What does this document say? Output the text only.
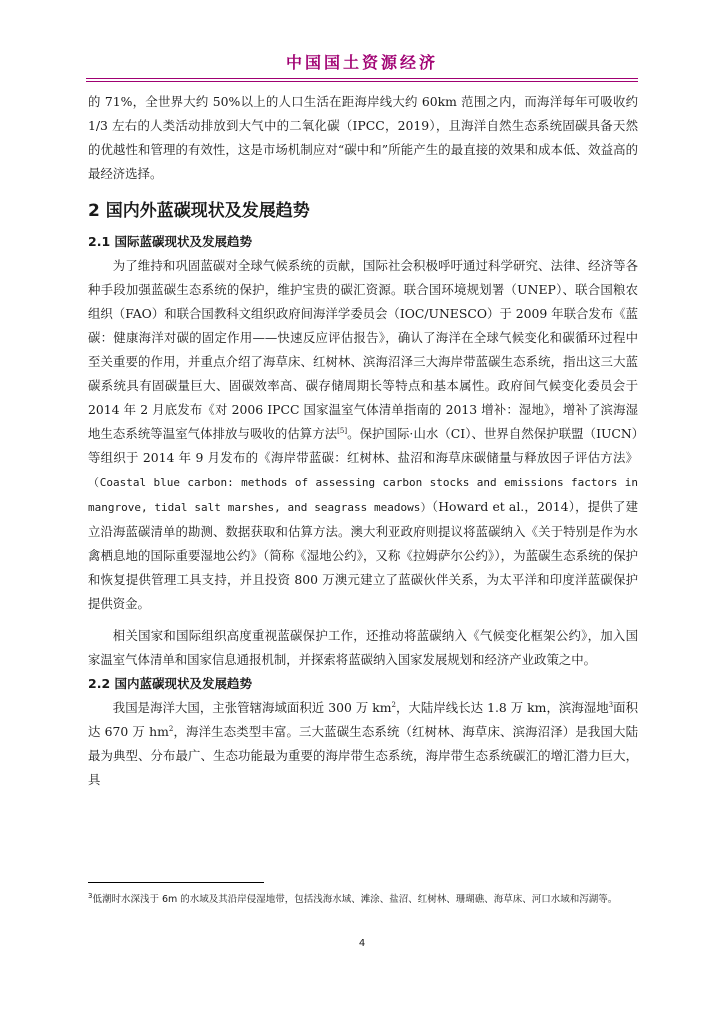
中国国土资源经济

的 71%，全世界大约 50%以上的人口生活在距海岸线大约 60km 范围之内，而海洋每年可吸收约 1/3 左右的人类活动排放到大气中的二氧化碳（IPCC，2019），且海洋自然生态系统固碳具备天然的优越性和管理的有效性，这是市场机制应对“碳中和”所能产生的最直接的效果和成本低、效益高的最经济选择。

2 国内外蓝碳现状及发展趋势
2.1 国际蓝碳现状及发展趋势

为了维持和巩固蓝碳对全球气候系统的贡献，国际社会积极呼吁通过科学研究、法律、经济等各种手段加强蓝碳生态系统的保护，维护宝贵的碳汇资源。联合国环境规划署（UNEP）、联合国粮农组织（FAO）和联合国教科文组织政府间海洋学委员会（IOC/UNESCO）于 2009 年联合发布《蓝碳：健康海洋对碳的固定作用——快速反应评估报告》，确认了海洋在全球气候变化和碳循环过程中至关重要的作用，并重点介绍了海草床、红树林、滨海沼泽三大海岸带蓝碳生态系统，指出这三大蓝碳系统具有固碳量巨大、固碳效率高、碳存储周期长等特点和基本属性。政府间气候变化委员会于 2014 年 2 月底发布《对 2006 IPCC 国家温室气体清单指南的 2013 增补：湿地》，增补了滨海湿地生态系统等温室气体排放与吸收的估算方法[5]。保护国际·山水（CI）、世界自然保护联盟（IUCN）等组织于 2014 年 9 月发布的《海岸带蓝碳：红树林、盐沼和海草床碳储量与释放因子评估方法》（Coastal blue carbon: methods of assessing carbon stocks and emissions factors in mangrove, tidal salt marshes, and seagrass meadows）（Howard et al.，2014），提供了建立沿海蓝碳清单的勘测、数据获取和估算方法。澳大利亚政府则提议将蓝碳纳入《关于特别是作为水禽栖息地的国际重要湿地公约》（简称《湿地公约》，又称《拉姆萨尔公约》），为蓝碳生态系统的保护和恢复提供管理工具支持，并且投资 800 万澳元建立了蓝碳伙伴关系，为太平洋和印度洋蓝碳保护提供资金。

相关国家和国际组织高度重视蓝碳保护工作，还推动将蓝碳纳入《气候变化框架公约》，加入国家温室气体清单和国家信息通报机制，并探索将蓝碳纳入国家发展规划和经济产业政策之中。

2.2 国内蓝碳现状及发展趋势

我国是海洋大国，主张管辖海域面积近 300 万 $km^2$，大陆岸线长达 1.8 万 km，滨海湿地$^3$面积达 670 万 $hm^2$，海洋生态类型丰富。三大蓝碳生态系统（红树林、海草床、滨海沼泽）是我国大陆最为典型、分布最广、生态功能最为重要的海岸带生态系统，海岸带生态系统碳汇的增汇潜力巨大，具

$^3$低潮时水深浅于 6m 的水域及其沿岸侵湿地带，包括浅海水域、滩涂、盐沼、红树林、珊瑚礁、海草床、河口水域和泻湖等。
4
